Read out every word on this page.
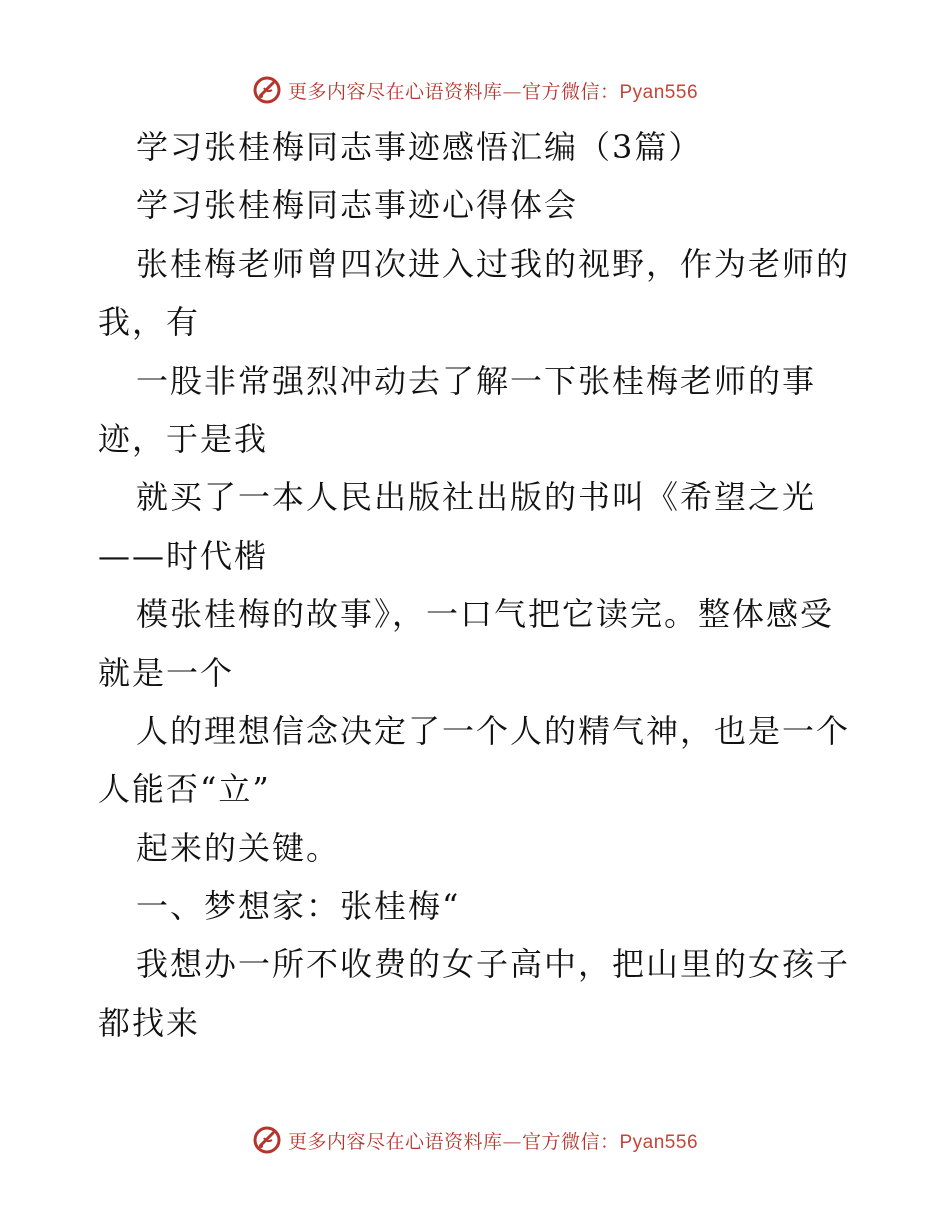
更多内容尽在心语资料库—官方微信：Pyan556
学习张桂梅同志事迹感悟汇编（3篇）
学习张桂梅同志事迹心得体会
张桂梅老师曾四次进入过我的视野，作为老师的
我，有
一股非常强烈冲动去了解一下张桂梅老师的事
迹，于是我
就买了一本人民出版社出版的书叫《希望之光
——时代楷
模张桂梅的故事》，一口气把它读完。整体感受
就是一个
人的理想信念决定了一个人的精气神，也是一个
人能否“立”
起来的关键。
一、梦想家：张桂梅“
我想办一所不收费的女子高中，把山里的女孩子
都找来
更多内容尽在心语资料库—官方微信：Pyan556
